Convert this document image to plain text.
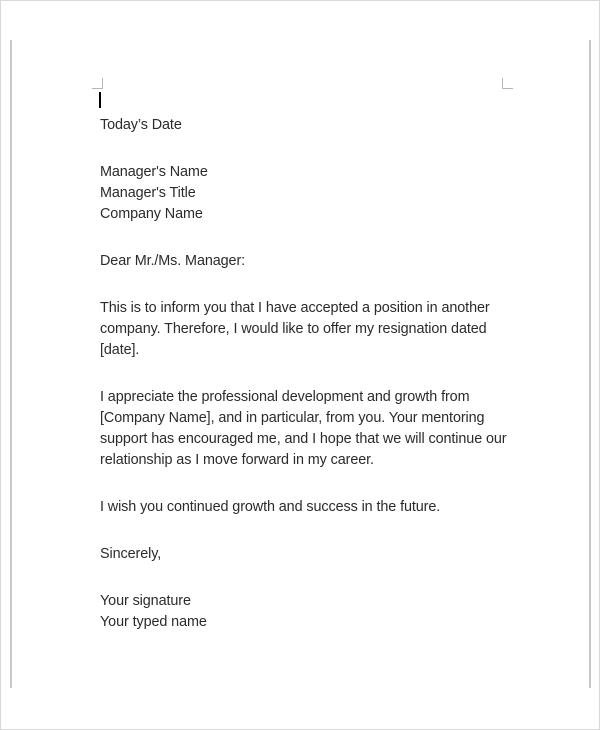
Today’s Date

Manager's Name
Manager's Title
Company Name

Dear Mr./Ms. Manager:

This is to inform you that I have accepted a position in another
company. Therefore, I would like to offer my resignation dated
[date].

I appreciate the professional development and growth from
[Company Name], and in particular, from you. Your mentoring
support has encouraged me, and I hope that we will continue our
relationship as I move forward in my career.

I wish you continued growth and success in the future.

Sincerely,

Your signature
Your typed name
